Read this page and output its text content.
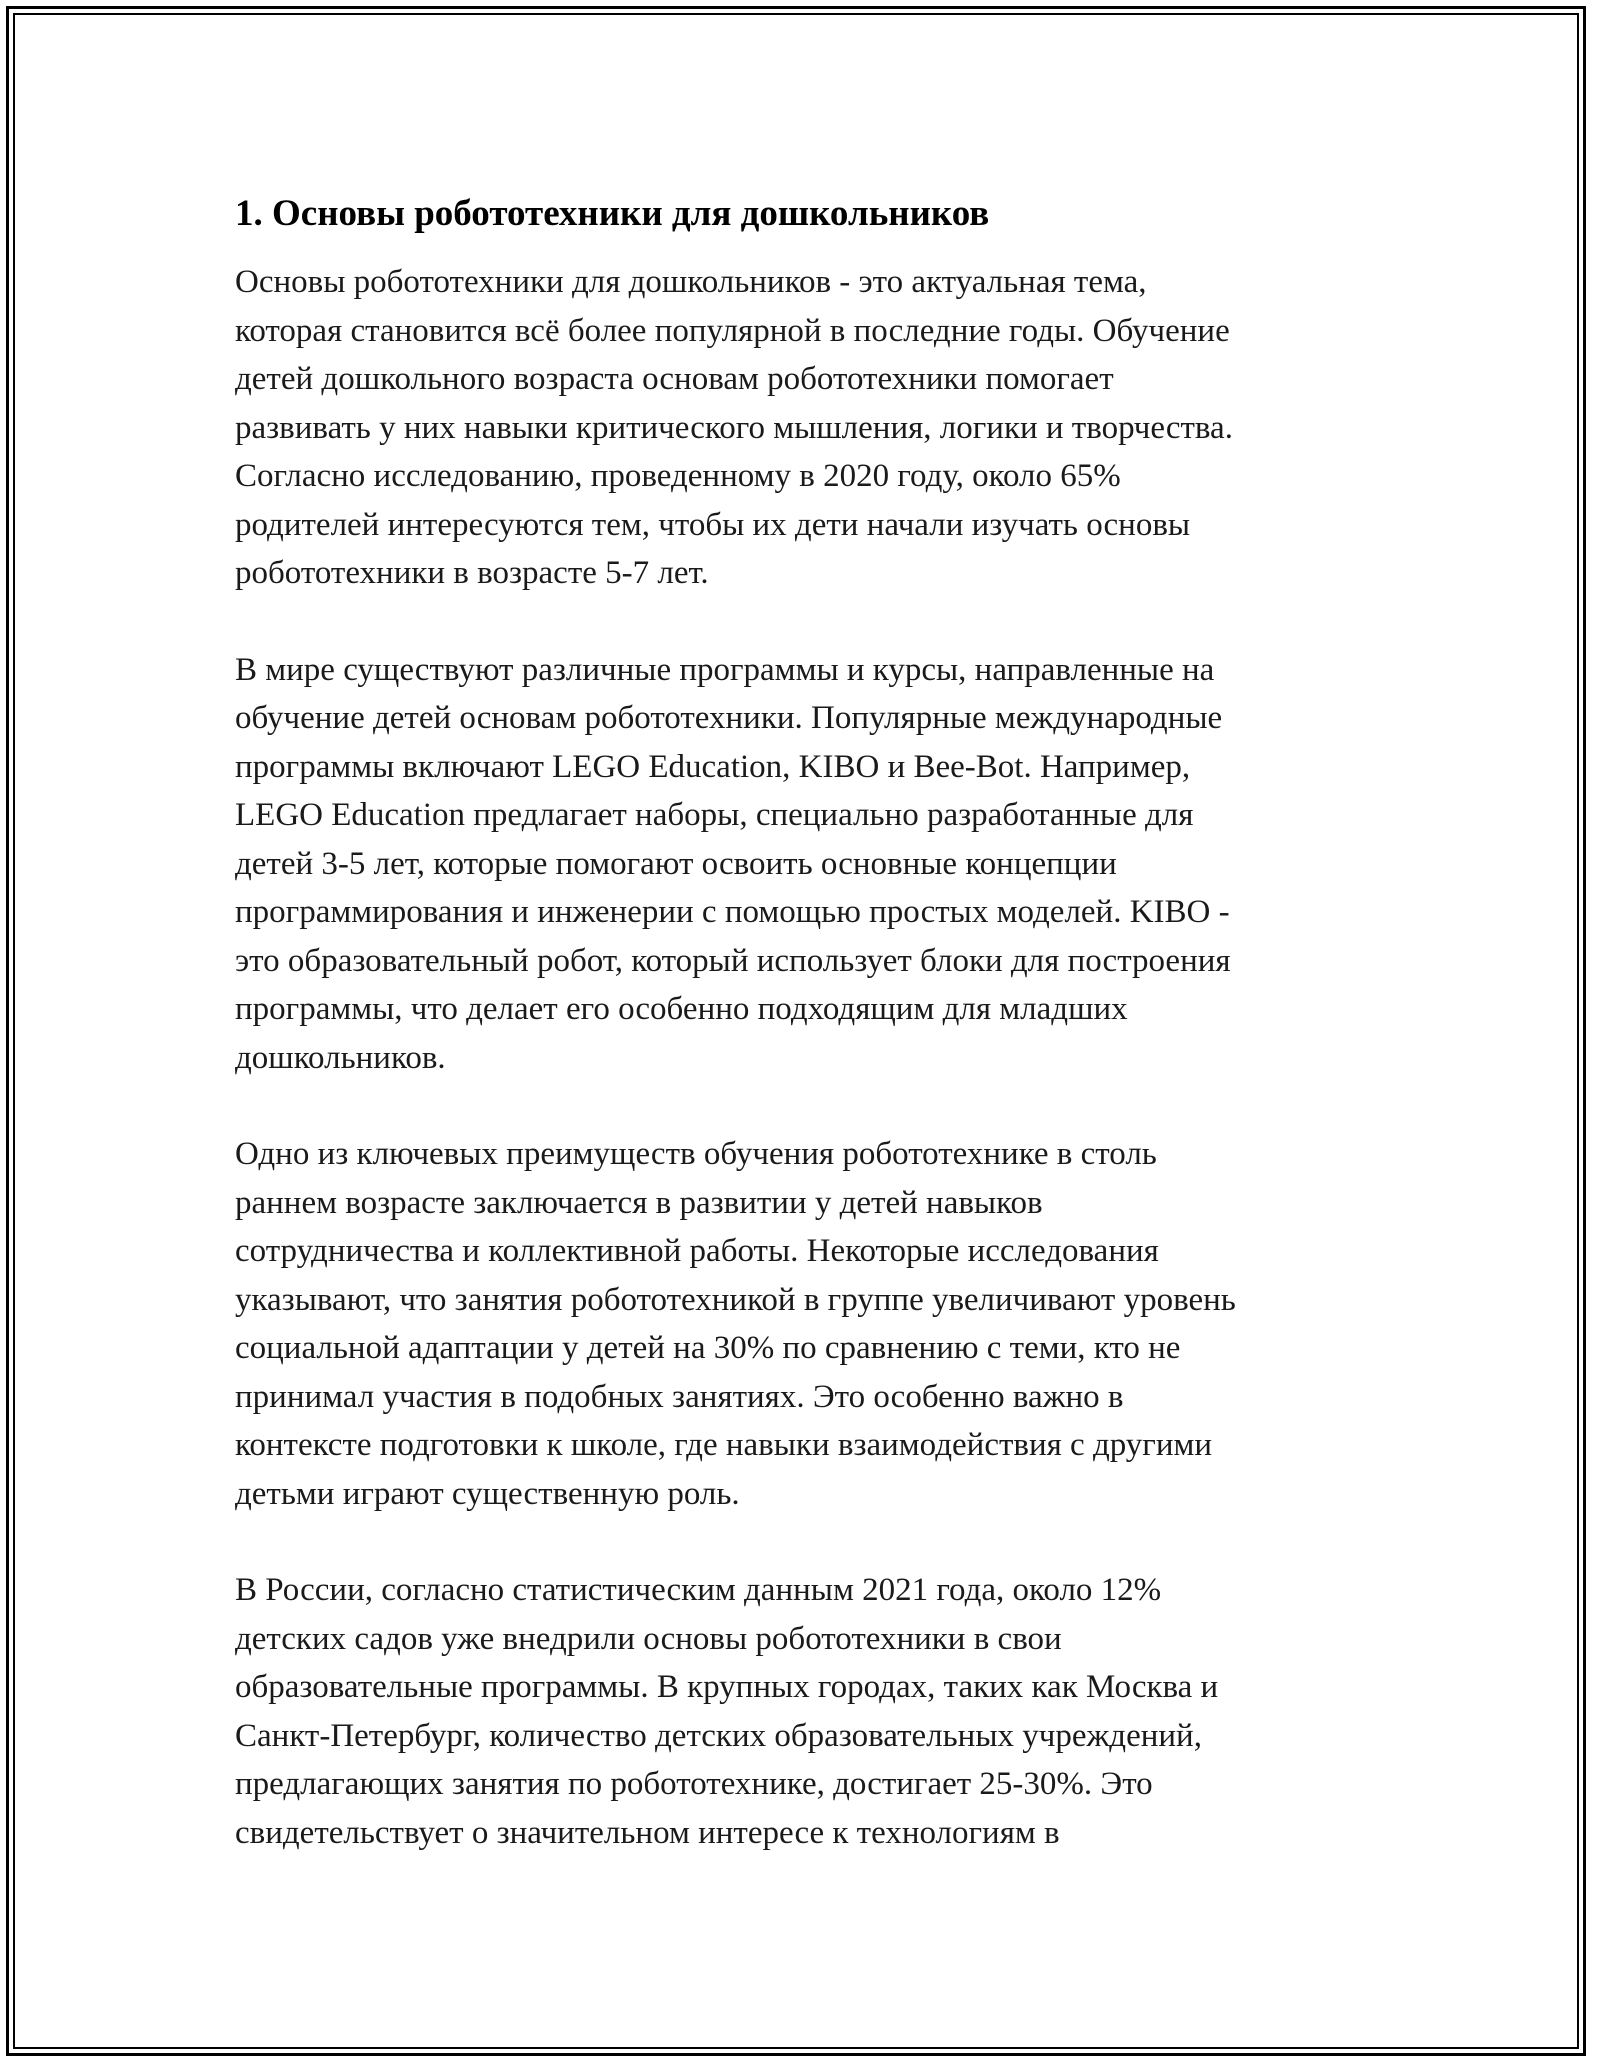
1. Основы робототехники для дошкольников

Основы робототехники для дошкольников - это актуальная тема,
которая становится всё более популярной в последние годы. Обучение
детей дошкольного возраста основам робототехники помогает
развивать у них навыки критического мышления, логики и творчества.
Согласно исследованию, проведенному в 2020 году, около 65%
родителей интересуются тем, чтобы их дети начали изучать основы
робототехники в возрасте 5-7 лет.

В мире существуют различные программы и курсы, направленные на
обучение детей основам робототехники. Популярные международные
программы включают LEGO Education, KIBO и Bee-Bot. Например,
LEGO Education предлагает наборы, специально разработанные для
детей 3-5 лет, которые помогают освоить основные концепции
программирования и инженерии с помощью простых моделей. KIBO -
это образовательный робот, который использует блоки для построения
программы, что делает его особенно подходящим для младших
дошкольников.

Одно из ключевых преимуществ обучения робототехнике в столь
раннем возрасте заключается в развитии у детей навыков
сотрудничества и коллективной работы. Некоторые исследования
указывают, что занятия робототехникой в группе увеличивают уровень
социальной адаптации у детей на 30% по сравнению с теми, кто не
принимал участия в подобных занятиях. Это особенно важно в
контексте подготовки к школе, где навыки взаимодействия с другими
детьми играют существенную роль.

В России, согласно статистическим данным 2021 года, около 12%
детских садов уже внедрили основы робототехники в свои
образовательные программы. В крупных городах, таких как Москва и
Санкт-Петербург, количество детских образовательных учреждений,
предлагающих занятия по робототехнике, достигает 25-30%. Это
свидетельствует о значительном интересе к технологиям в
